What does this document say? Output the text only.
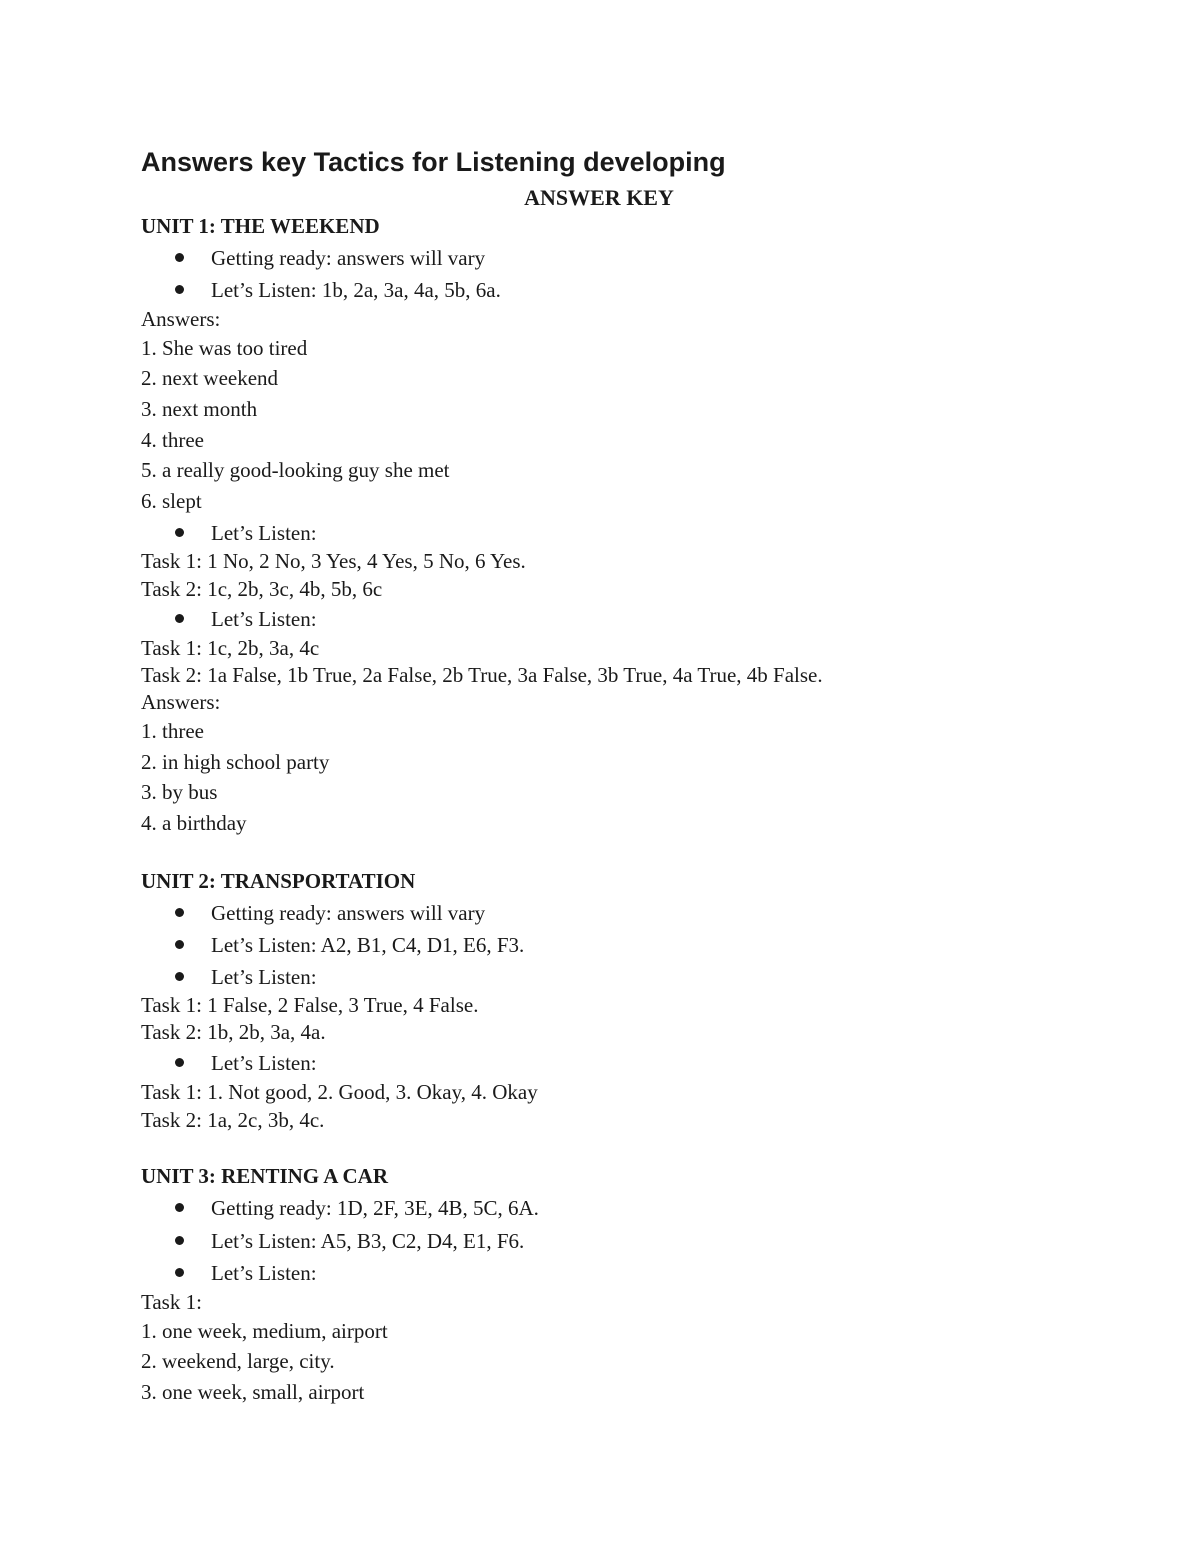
Answers key Tactics for Listening developing
ANSWER KEY
UNIT 1: THE WEEKEND
Getting ready: answers will vary
Let’s Listen: 1b, 2a, 3a, 4a, 5b, 6a.
Answers:
1. She was too tired
2. next weekend
3. next month
4. three
5. a really good-looking guy she met
6. slept
Let’s Listen:
Task 1: 1 No, 2 No, 3 Yes, 4 Yes, 5 No, 6 Yes.
Task 2: 1c, 2b, 3c, 4b, 5b, 6c
Let’s Listen:
Task 1: 1c, 2b, 3a, 4c
Task 2: 1a False, 1b True, 2a False, 2b True, 3a False, 3b True, 4a True, 4b False.
Answers:
1. three
2. in high school party
3. by bus
4. a birthday
UNIT 2: TRANSPORTATION
Getting ready: answers will vary
Let’s Listen: A2, B1, C4, D1, E6, F3.
Let’s Listen:
Task 1: 1 False, 2 False, 3 True, 4 False.
Task 2: 1b, 2b, 3a, 4a.
Let’s Listen:
Task 1: 1. Not good, 2. Good, 3. Okay, 4. Okay
Task 2: 1a, 2c, 3b, 4c.
UNIT 3: RENTING A CAR
Getting ready: 1D, 2F, 3E, 4B, 5C, 6A.
Let’s Listen: A5, B3, C2, D4, E1, F6.
Let’s Listen:
Task 1:
1. one week, medium, airport
2. weekend, large, city.
3. one week, small, airport
